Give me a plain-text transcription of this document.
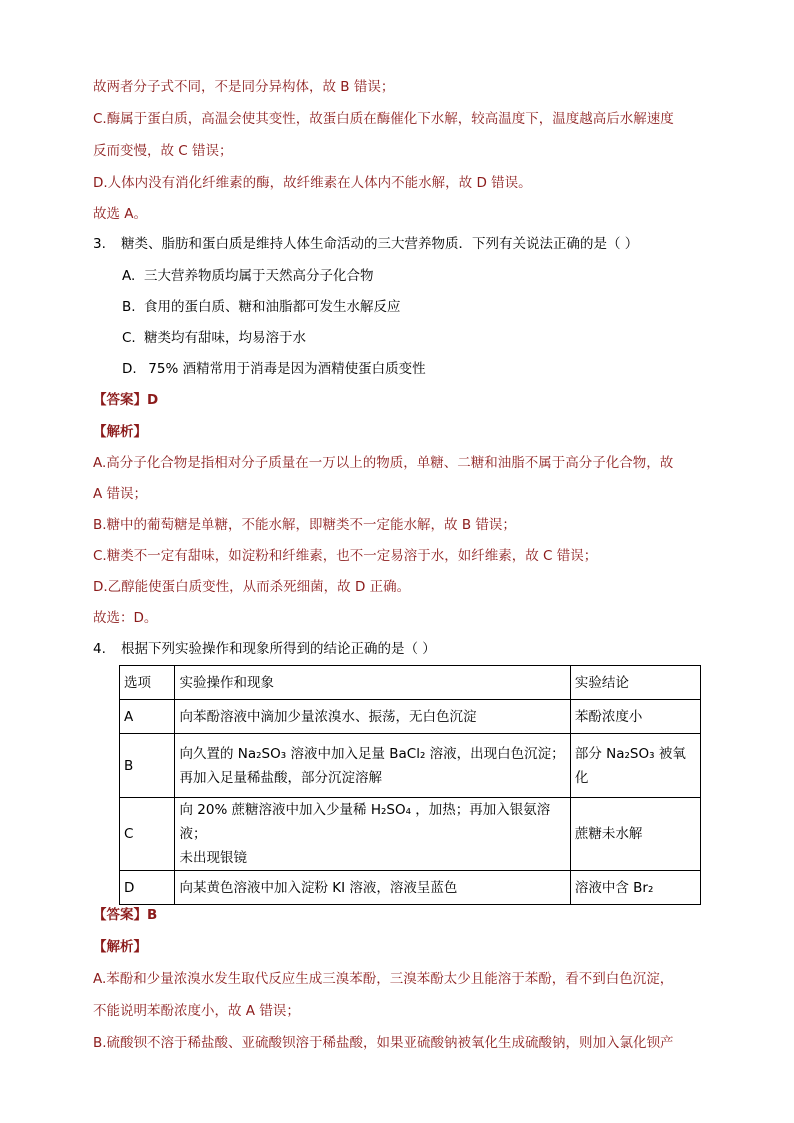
故两者分子式不同，不是同分异构体，故 B 错误；
C.酶属于蛋白质，高温会使其变性，故蛋白质在酶催化下水解，较高温度下，温度越高后水解速度
反而变慢，故 C 错误；
D.人体内没有消化纤维素的酶，故纤维素在人体内不能水解，故 D 错误。
故选 A。
3. 糖类、脂肪和蛋白质是维持人体生命活动的三大营养物质．下列有关说法正确的是（ ）
A. 三大营养物质均属于天然高分子化合物
B. 食用的蛋白质、糖和油脂都可发生水解反应
C. 糖类均有甜味，均易溶于水
D. 75% 酒精常用于消毒是因为酒精使蛋白质变性
【答案】D
【解析】
A.高分子化合物是指相对分子质量在一万以上的物质，单糖、二糖和油脂不属于高分子化合物，故
A 错误；
B.糖中的葡萄糖是单糖，不能水解，即糖类不一定能水解，故 B 错误；
C.糖类不一定有甜味，如淀粉和纤维素，也不一定易溶于水，如纤维素，故 C 错误；
D.乙醇能使蛋白质变性，从而杀死细菌，故 D 正确。
故选：D。
4. 根据下列实验操作和现象所得到的结论正确的是（ ）
选项	实验操作和现象	实验结论
A	向苯酚溶液中滴加少量浓溴水、振荡，无白色沉淀	苯酚浓度小
B	向久置的 Na₂SO₃ 溶液中加入足量 BaCl₂ 溶液，出现白色沉淀；
再加入足量稀盐酸，部分沉淀溶解	部分 Na₂SO₃ 被氧化
C	向 20% 蔗糖溶液中加入少量稀 H₂SO₄ ，加热；再加入银氨溶液；
未出现银镜	蔗糖未水解
D	向某黄色溶液中加入淀粉 KI 溶液，溶液呈蓝色	溶液中含 Br₂
【答案】B
【解析】
A.苯酚和少量浓溴水发生取代反应生成三溴苯酚，三溴苯酚太少且能溶于苯酚，看不到白色沉淀，
不能说明苯酚浓度小，故 A 错误；
B.硫酸钡不溶于稀盐酸、亚硫酸钡溶于稀盐酸，如果亚硫酸钠被氧化生成硫酸钠，则加入氯化钡产
